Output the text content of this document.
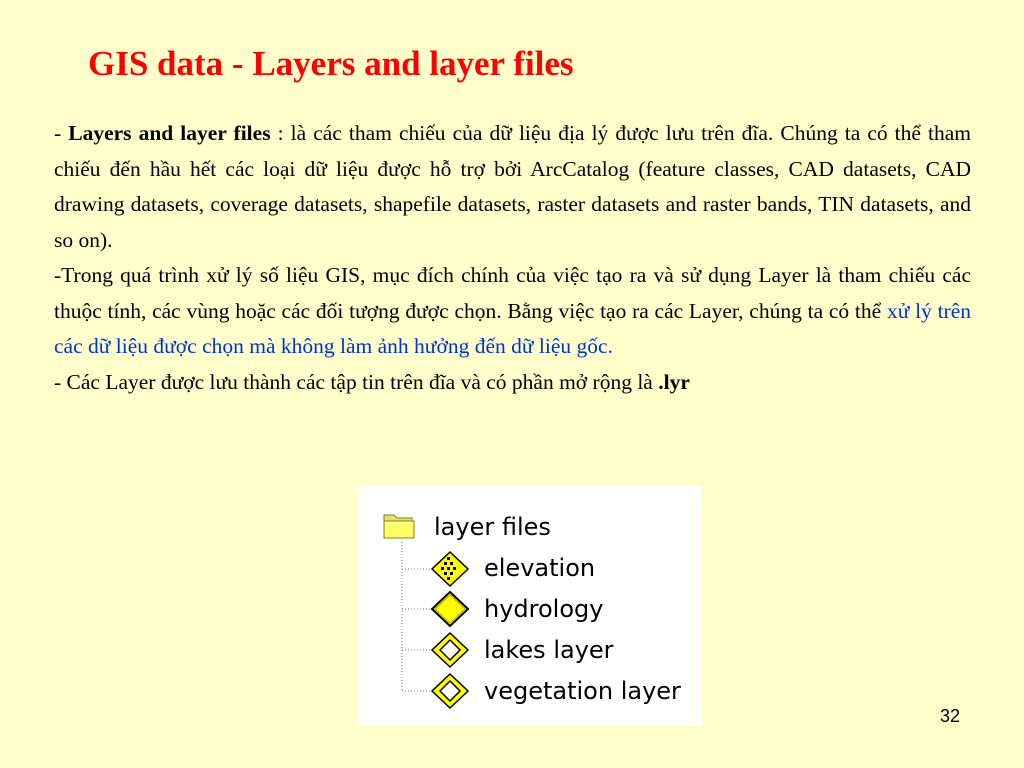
GIS data - Layers and layer files

- Layers and layer files : là các tham chiếu của dữ liệu địa lý được lưu trên đĩa. Chúng ta có thể tham chiếu đến hầu hết các loại dữ liệu được hỗ trợ bởi ArcCatalog (feature classes, CAD datasets, CAD drawing datasets, coverage datasets, shapefile datasets, raster datasets and raster bands, TIN datasets, and so on).

-Trong quá trình xử lý số liệu GIS, mục đích chính của việc tạo ra và sử dụng Layer là tham chiếu các thuộc tính, các vùng hoặc các đối tượng được chọn. Bằng việc tạo ra các Layer, chúng ta có thể xử lý trên các dữ liệu được chọn mà không làm ảnh hưởng đến dữ liệu gốc.

- Các Layer được lưu thành các tập tin trên đĩa và có phần mở rộng là .lyr

layer files
elevation
hydrology
lakes layer
vegetation layer
32
